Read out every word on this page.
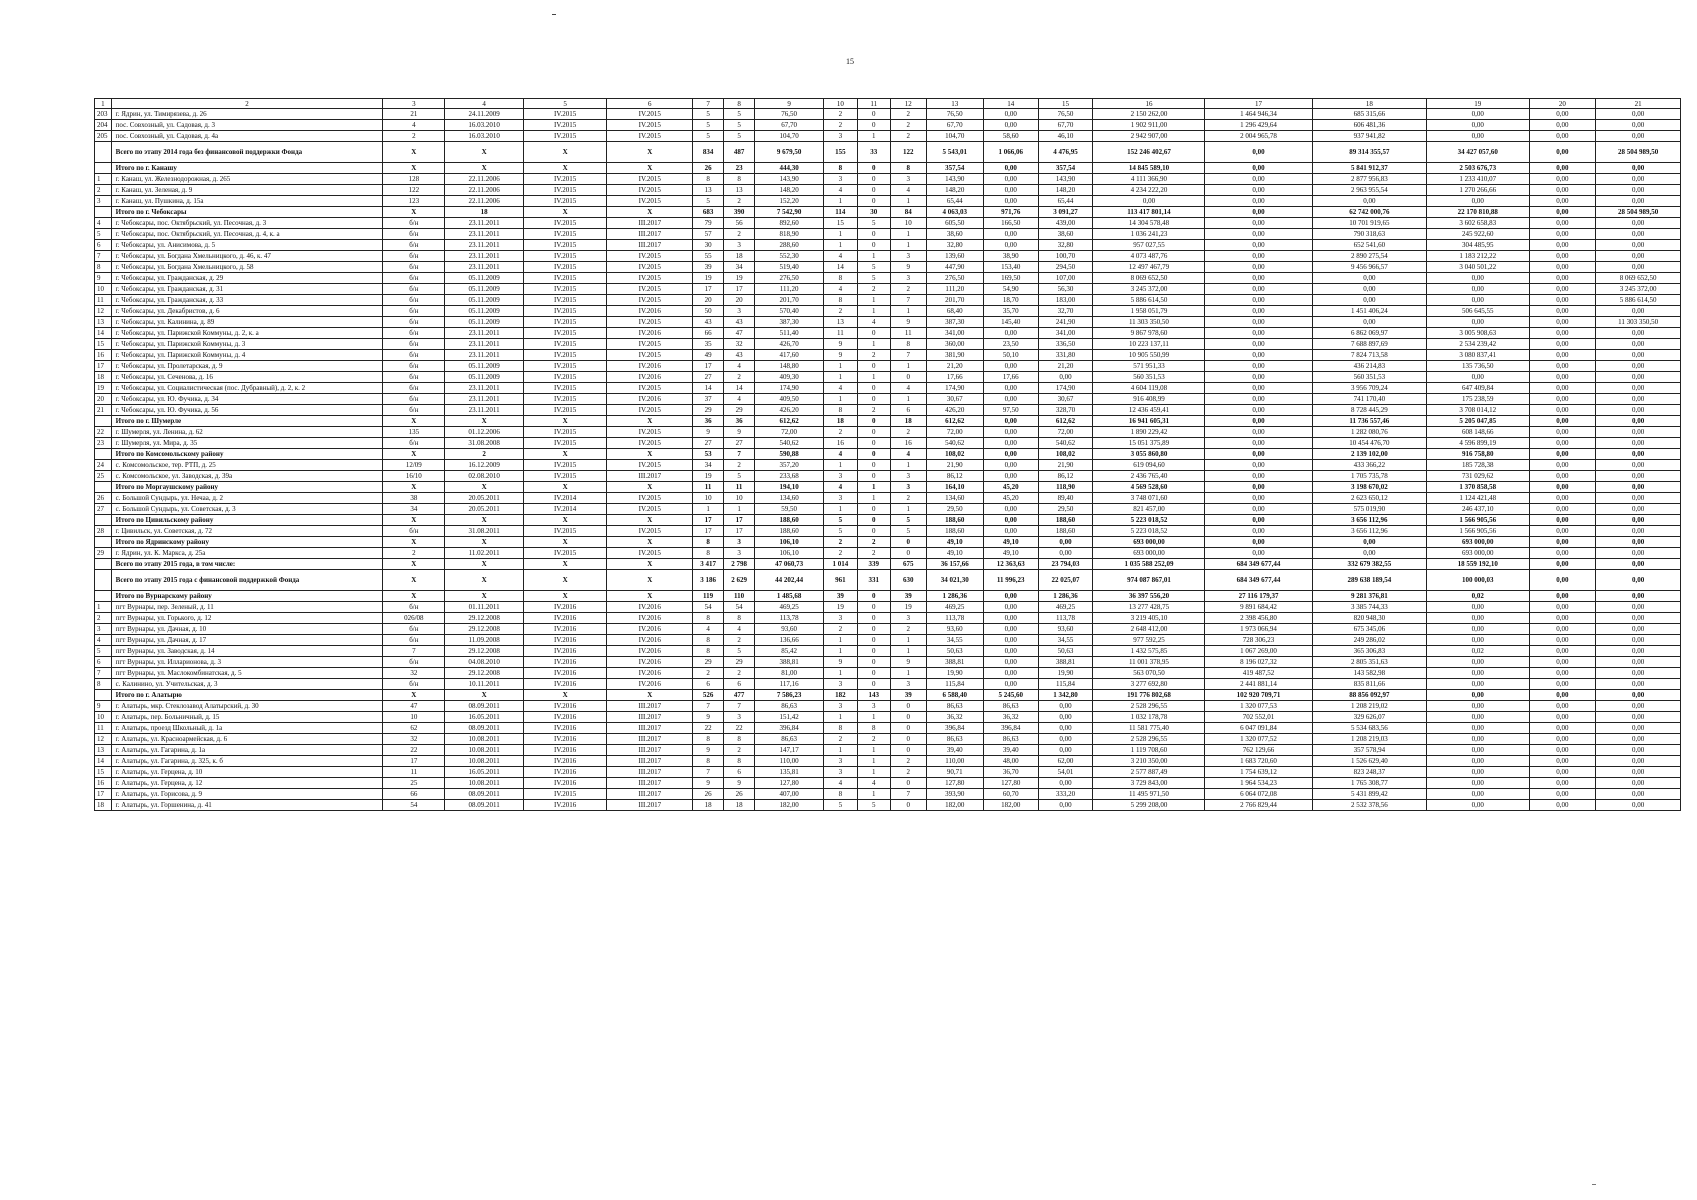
15
1	2	3	4	5	6	7	8	9	10	11	12	13	14	15	16	17	18	19	20	21
203	г. Ядрин, ул. Тимирязева, д. 26	21	24.11.2009	IV.2015	IV.2015	5	5	76,50	2	0	2	76,50	0,00	76,50	2 150 262,00	1 464 946,34	685 315,66	0,00	0,00	0,00
204	пос. Совхозный, ул. Садовая, д. 3	4	16.03.2010	IV.2015	IV.2015	5	5	67,70	2	0	2	67,70	0,00	67,70	1 902 911,00	1 296 429,64	606 481,36	0,00	0,00	0,00
205	пос. Совхозный, ул. Садовая, д. 4а	2	16.03.2010	IV.2015	IV.2015	5	5	104,70	3	1	2	104,70	58,60	46,10	2 942 907,00	2 004 965,78	937 941,82	0,00	0,00	0,00
	Всего по этапу 2014 года без финансовой поддержки Фонда	X	X	X	X	834	487	9 679,50	155	33	122	5 543,01	1 066,06	4 476,95	152 246 402,67	0,00	89 314 355,57	34 427 057,60	0,00	28 504 989,50
	Итого по г. Канашу	X	X	X	X	26	23	444,30	8	0	8	357,54	0,00	357,54	14 845 589,10	0,00	5 841 912,37	2 503 676,73	0,00	0,00
1	г. Канаш, ул. Железнодорожная, д. 265	128	22.11.2006	IV.2015	IV.2015	8	8	143,90	3	0	3	143,90	0,00	143,90	4 111 366,90	0,00	2 877 956,83	1 233 410,07	0,00	0,00
2	г. Канаш, ул. Зеленая, д. 9	122	22.11.2006	IV.2015	IV.2015	13	13	148,20	4	0	4	148,20	0,00	148,20	4 234 222,20	0,00	2 963 955,54	1 270 266,66	0,00	0,00
3	г. Канаш, ул. Пушкина, д. 15а	123	22.11.2006	IV.2015	IV.2015	5	2	152,20	1	0	1	65,44	0,00	65,44	0,00	0,00	0,00	0,00	0,00	0,00
	Итого по г. Чебоксары	X	18	X	X	683	390	7 542,90	114	30	84	4 063,03	971,76	3 091,27	113 417 801,14	0,00	62 742 000,76	22 170 810,88	0,00	28 504 989,50
4	г. Чебоксары, пос. Октябрьский, ул. Песочная, д. 3	б/н	23.11.2011	IV.2015	III.2017	79	56	892,60	15	5	10	605,50	166,50	439,00	14 304 578,48	0,00	10 701 919,65	3 602 658,83	0,00	0,00
5	г. Чебоксары, пос. Октябрьский, ул. Песочная, д. 4, к. а	б/н	23.11.2011	IV.2015	III.2017	57	2	818,90	1	0	1	38,60	0,00	38,60	1 036 241,23	0,00	790 318,63	245 922,60	0,00	0,00
6	г. Чебоксары, ул. Анисимова, д. 5	б/н	23.11.2011	IV.2015	III.2017	30	3	288,60	1	0	1	32,80	0,00	32,80	957 027,55	0,00	652 541,60	304 485,95	0,00	0,00
7	г. Чебоксары, ул. Богдана Хмельницкого, д. 46, к. 47	б/н	23.11.2011	IV.2015	IV.2015	55	18	552,30	4	1	3	139,60	38,90	100,70	4 073 487,76	0,00	2 890 275,54	1 183 212,22	0,00	0,00
8	г. Чебоксары, ул. Богдана Хмельницкого, д. 58	б/н	23.11.2011	IV.2015	IV.2015	39	34	519,40	14	5	9	447,90	153,40	294,50	12 497 467,79	0,00	9 456 966,57	3 040 501,22	0,00	0,00
9	г. Чебоксары, ул. Гражданская, д. 29	б/н	05.11.2009	IV.2015	IV.2015	19	19	276,50	8	5	3	276,50	169,50	107,00	8 069 652,50	0,00	0,00	0,00	0,00	8 069 652,50
10	г. Чебоксары, ул. Гражданская, д. 31	б/н	05.11.2009	IV.2015	IV.2015	17	17	111,20	4	2	2	111,20	54,90	56,30	3 245 372,00	0,00	0,00	0,00	0,00	3 245 372,00
11	г. Чебоксары, ул. Гражданская, д. 33	б/н	05.11.2009	IV.2015	IV.2015	20	20	201,70	8	1	7	201,70	18,70	183,00	5 886 614,50	0,00	0,00	0,00	0,00	5 886 614,50
12	г. Чебоксары, ул. Декабристов, д. 6	б/н	05.11.2009	IV.2015	IV.2016	50	3	570,40	2	1	1	68,40	35,70	32,70	1 958 051,79	0,00	1 451 406,24	506 645,55	0,00	0,00
13	г. Чебоксары, ул. Калинина, д. 89	б/н	05.11.2009	IV.2015	IV.2015	43	43	387,30	13	4	9	387,30	145,40	241,90	11 303 350,50	0,00	0,00	0,00	0,00	11 303 350,50
14	г. Чебоксары, ул. Парижской Коммуны, д. 2, к. а	б/н	23.11.2011	IV.2015	IV.2016	66	47	511,40	11	0	11	341,00	0,00	341,00	9 867 978,60	0,00	6 862 069,97	3 005 908,63	0,00	0,00
15	г. Чебоксары, ул. Парижской Коммуны, д. 3	б/н	23.11.2011	IV.2015	IV.2015	35	32	426,70	9	1	8	360,00	23,50	336,50	10 223 137,11	0,00	7 688 897,69	2 534 239,42	0,00	0,00
16	г. Чебоксары, ул. Парижской Коммуны, д. 4	б/н	23.11.2011	IV.2015	IV.2015	49	43	417,60	9	2	7	381,90	50,10	331,80	10 905 550,99	0,00	7 824 713,58	3 080 837,41	0,00	0,00
17	г. Чебоксары, ул. Пролетарская, д. 9	б/н	05.11.2009	IV.2015	IV.2016	17	4	148,80	1	0	1	21,20	0,00	21,20	571 951,33	0,00	436 214,83	135 736,50	0,00	0,00
18	г. Чебоксары, ул. Сеченова, д. 16	б/н	05.11.2009	IV.2015	IV.2016	27	2	409,30	1	1	0	17,66	17,66	0,00	560 351,53	0,00	560 351,53	0,00	0,00	0,00
19	г. Чебоксары, ул. Социалистическая (пос. Дубравный), д. 2, к. 2	б/н	23.11.2011	IV.2015	IV.2015	14	14	174,90	4	0	4	174,90	0,00	174,90	4 604 119,08	0,00	3 956 709,24	647 409,84	0,00	0,00
20	г. Чебоксары, ул. Ю. Фучика, д. 34	б/н	23.11.2011	IV.2015	IV.2016	37	4	409,50	1	0	1	30,67	0,00	30,67	916 408,99	0,00	741 170,40	175 238,59	0,00	0,00
21	г. Чебоксары, ул. Ю. Фучика, д. 56	б/н	23.11.2011	IV.2015	IV.2015	29	29	426,20	8	2	6	426,20	97,50	328,70	12 436 459,41	0,00	8 728 445,29	3 708 014,12	0,00	0,00
	Итого по г. Шумерле	X	X	X	X	36	36	612,62	18	0	18	612,62	0,00	612,62	16 941 605,31	0,00	11 736 557,46	5 205 047,85	0,00	0,00
22	г. Шумерля, ул. Ленина, д. 62	135	01.12.2006	IV.2015	IV.2015	9	9	72,00	2	0	2	72,00	0,00	72,00	1 890 229,42	0,00	1 282 080,76	608 148,66	0,00	0,00
23	г. Шумерля, ул. Мира, д. 35	б/н	31.08.2008	IV.2015	IV.2015	27	27	540,62	16	0	16	540,62	0,00	540,62	15 051 375,89	0,00	10 454 476,70	4 596 899,19	0,00	0,00
	Итого по Комсомольскому району	X	2	X	X	53	7	590,88	4	0	4	108,02	0,00	108,02	3 055 860,80	0,00	2 139 102,00	916 758,80	0,00	0,00
24	с. Комсомольское, тер. РТП, д. 25	12/09	16.12.2009	IV.2015	IV.2015	34	2	357,20	1	0	1	21,90	0,00	21,90	619 094,60	0,00	433 366,22	185 728,38	0,00	0,00
25	с. Комсомольское, ул. Заводская, д. 39а	16/10	02.08.2010	IV.2015	III.2017	19	5	233,68	3	0	3	86,12	0,00	86,12	2 436 765,40	0,00	1 705 735,78	731 029,62	0,00	0,00
	Итого по Моргаушскому району	X	X	X	X	11	11	194,10	4	1	3	164,10	45,20	118,90	4 569 528,60	0,00	3 198 670,02	1 370 858,58	0,00	0,00
26	с. Большой Сундырь, ул. Нечаа, д. 2	38	20.05.2011	IV.2014	IV.2015	10	10	134,60	3	1	2	134,60	45,20	89,40	3 748 071,60	0,00	2 623 650,12	1 124 421,48	0,00	0,00
27	с. Большой Сундырь, ул. Советская, д. 3	34	20.05.2011	IV.2014	IV.2015	1	1	59,50	1	0	1	29,50	0,00	29,50	821 457,00	0,00	575 019,90	246 437,10	0,00	0,00
	Итого по Цивильскому району	X	X	X	X	17	17	188,60	5	0	5	188,60	0,00	188,60	5 223 018,52	0,00	3 656 112,96	1 566 905,56	0,00	0,00
28	г. Цивильск, ул. Советская, д. 72	б/н	31.08.2011	IV.2015	IV.2015	17	17	188,60	5	0	5	188,60	0,00	188,60	5 223 018,52	0,00	3 656 112,96	1 566 905,56	0,00	0,00
	Итого по Ядринскому району	X	X	X	X	8	3	106,10	2	2	0	49,10	49,10	0,00	693 000,00	0,00	0,00	693 000,00	0,00	0,00
29	г. Ядрин, ул. К. Маркса, д. 25а	2	11.02.2011	IV.2015	IV.2015	8	3	106,10	2	2	0	49,10	49,10	0,00	693 000,00	0,00	0,00	693 000,00	0,00	0,00
	Всего по этапу 2015 года, в том числе:	X	X	X	X	3 417	2 798	47 060,73	1 014	339	675	36 157,66	12 363,63	23 794,03	1 035 588 252,09	684 349 677,44	332 679 382,55	18 559 192,10	0,00	0,00
	Всего по этапу 2015 года с финансовой поддержкой Фонда	X	X	X	X	3 186	2 629	44 202,44	961	331	630	34 021,30	11 996,23	22 025,07	974 087 867,01	684 349 677,44	289 638 189,54	100 000,03	0,00	0,00
	Итого по Вурнарскому району	X	X	X	X	119	110	1 485,68	39	0	39	1 286,36	0,00	1 286,36	36 397 556,20	27 116 179,37	9 281 376,81	0,02	0,00	0,00
1	пгт Вурнары, пер. Зеленый, д. 11	б/н	01.11.2011	IV.2016	IV.2016	54	54	469,25	19	0	19	469,25	0,00	469,25	13 277 428,75	9 891 684,42	3 385 744,33	0,00	0,00	0,00
2	пгт Вурнары, ул. Горького, д. 12	026/08	29.12.2008	IV.2016	IV.2016	8	8	113,78	3	0	3	113,78	0,00	113,78	3 219 405,10	2 398 456,80	820 948,30	0,00	0,00	0,00
3	пгт Вурнары, ул. Дачная, д. 10	б/н	29.12.2008	IV.2016	IV.2016	4	4	93,60	2	0	2	93,60	0,00	93,60	2 648 412,00	1 973 066,94	675 345,06	0,00	0,00	0,00
4	пгт Вурнары, ул. Дачная, д. 17	б/н	11.09.2008	IV.2016	IV.2016	8	2	136,66	1	0	1	34,55	0,00	34,55	977 592,25	728 306,23	249 286,02	0,00	0,00	0,00
5	пгт Вурнары, ул. Заводская, д. 14	7	29.12.2008	IV.2016	IV.2016	8	5	85,42	1	0	1	50,63	0,00	50,63	1 432 575,85	1 067 269,00	365 306,83	0,02	0,00	0,00
6	пгт Вурнары, ул. Илларионова, д. 3	б/н	04.08.2010	IV.2016	IV.2016	29	29	388,81	9	0	9	388,81	0,00	388,81	11 001 378,95	8 196 027,32	2 805 351,63	0,00	0,00	0,00
7	пгт Вурнары, ул. Маслокомбинатская, д. 5	32	29.12.2008	IV.2016	IV.2016	2	2	81,00	1	0	1	19,90	0,00	19,90	563 070,50	419 487,52	143 582,98	0,00	0,00	0,00
8	с. Калинино, ул. Учительская, д. 3	б/н	10.11.2011	IV.2016	IV.2016	6	6	117,16	3	0	3	115,84	0,00	115,84	3 277 692,80	2 441 881,14	835 811,66	0,00	0,00	0,00
	Итого по г. Алатырю	X	X	X	X	526	477	7 586,23	182	143	39	6 588,40	5 245,60	1 342,80	191 776 802,68	102 920 709,71	88 856 092,97	0,00	0,00	0,00
9	г. Алатырь, мкр. Стеклозавод Алатырский, д. 30	47	08.09.2011	IV.2016	III.2017	7	7	86,63	3	3	0	86,63	86,63	0,00	2 528 296,55	1 320 077,53	1 208 219,02	0,00	0,00	0,00
10	г. Алатырь, пер. Больничный, д. 15	10	16.05.2011	IV.2016	III.2017	9	3	151,42	1	1	0	36,32	36,32	0,00	1 032 178,78	702 552,01	329 626,07	0,00	0,00	0,00
11	г. Алатырь, проезд Школьный, д. 1а	62	08.09.2011	IV.2016	III.2017	22	22	396,84	8	8	0	396,84	396,84	0,00	11 581 775,40	6 047 091,84	5 534 683,56	0,00	0,00	0,00
12	г. Алатырь, ул. Красноармейская, д. 6	32	10.08.2011	IV.2016	III.2017	8	8	86,63	2	2	0	86,63	86,63	0,00	2 528 296,55	1 320 077,52	1 208 219,03	0,00	0,00	0,00
13	г. Алатырь, ул. Гагарина, д. 1а	22	10.08.2011	IV.2016	III.2017	9	2	147,17	1	1	0	39,40	39,40	0,00	1 119 708,60	762 129,66	357 578,94	0,00	0,00	0,00
14	г. Алатырь, ул. Гагарина, д. 325, к. б	17	10.08.2011	IV.2016	III.2017	8	8	110,00	3	1	2	110,00	48,00	62,00	3 210 350,00	1 683 720,60	1 526 629,40	0,00	0,00	0,00
15	г. Алатырь, ул. Герцена, д. 10	11	16.05.2011	IV.2016	III.2017	7	6	135,81	3	1	2	90,71	36,70	54,01	2 577 887,49	1 754 639,12	823 248,37	0,00	0,00	0,00
16	г. Алатырь, ул. Герцена, д. 12	25	10.08.2011	IV.2016	III.2017	9	9	127,80	4	4	0	127,80	127,80	0,00	3 729 843,00	1 964 534,23	1 765 308,77	0,00	0,00	0,00
17	г. Алатырь, ул. Горисова, д. 9	66	08.09.2011	IV.2015	III.2017	26	26	407,00	8	1	7	393,90	60,70	333,20	11 495 971,50	6 064 072,08	5 431 899,42	0,00	0,00	0,00
18	г. Алатырь, ул. Горшенина, д. 41	54	08.09.2011	IV.2016	III.2017	18	18	182,00	5	5	0	182,00	182,00	0,00	5 299 208,00	2 766 829,44	2 532 378,56	0,00	0,00	0,00
